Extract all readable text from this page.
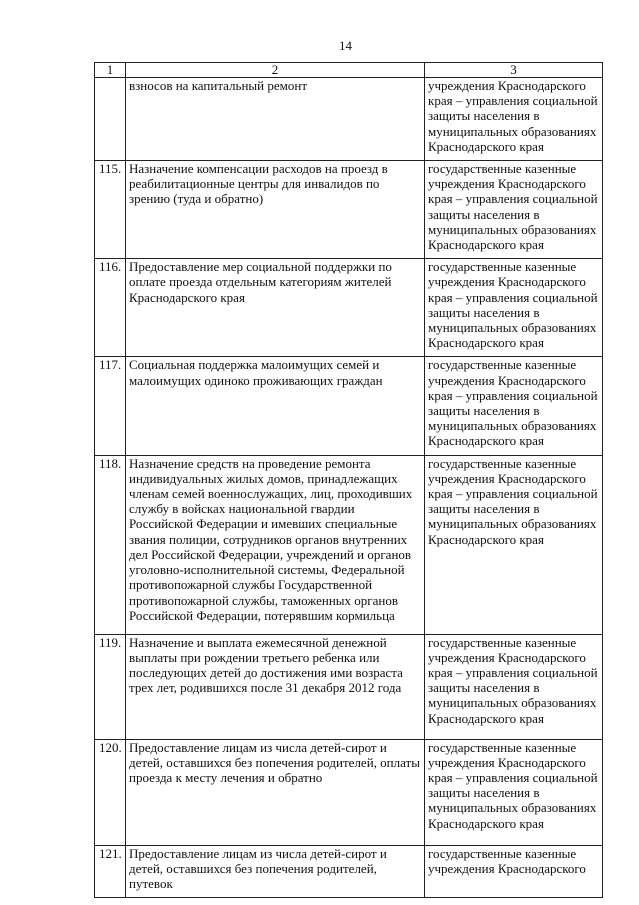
14
1	2	3
	взносов на капитальный ремонт	учреждения Краснодарского края – управления социальной защиты населения в муниципальных образованиях Краснодарского края
115.	Назначение компенсации расходов на проезд в реабилитационные центры для инвалидов по зрению (туда и обратно)	государственные казенные учреждения Краснодарского края – управления социальной защиты населения в муниципальных образованиях Краснодарского края
116.	Предоставление мер социальной поддержки по оплате проезда отдельным категориям жителей Краснодарского края	государственные казенные учреждения Краснодарского края – управления социальной защиты населения в муниципальных образованиях Краснодарского края
117.	Социальная поддержка малоимущих семей и малоимущих одиноко проживающих граждан	государственные казенные учреждения Краснодарского края – управления социальной защиты населения в муниципальных образованиях Краснодарского края
118.	Назначение средств на проведение ремонта индивидуальных жилых домов, принадлежащих членам семей военнослужащих, лиц, проходивших службу в войсках национальной гвардии Российской Федерации и имевших специальные звания полиции, сотрудников органов внутренних дел Российской Федерации, учреждений и органов уголовно-исполнительной системы, Федеральной противопожарной службы Государственной противопожарной службы, таможенных органов Российской Федерации, потерявшим кормильца	государственные казенные учреждения Краснодарского края – управления социальной защиты населения в муниципальных образованиях Краснодарского края
119.	Назначение и выплата ежемесячной денежной выплаты при рождении третьего ребенка или последующих детей до достижения ими возраста трех лет, родившихся после 31 декабря 2012 года	государственные казенные учреждения Краснодарского края – управления социальной защиты населения в муниципальных образованиях Краснодарского края
120.	Предоставление лицам из числа детей-сирот и детей, оставшихся без попечения родителей, оплаты проезда к месту лечения и обратно	государственные казенные учреждения Краснодарского края – управления социальной защиты населения в муниципальных образованиях Краснодарского края
121.	Предоставление лицам из числа детей-сирот и детей, оставшихся без попечения родителей, путевок	государственные казенные учреждения Краснодарского
